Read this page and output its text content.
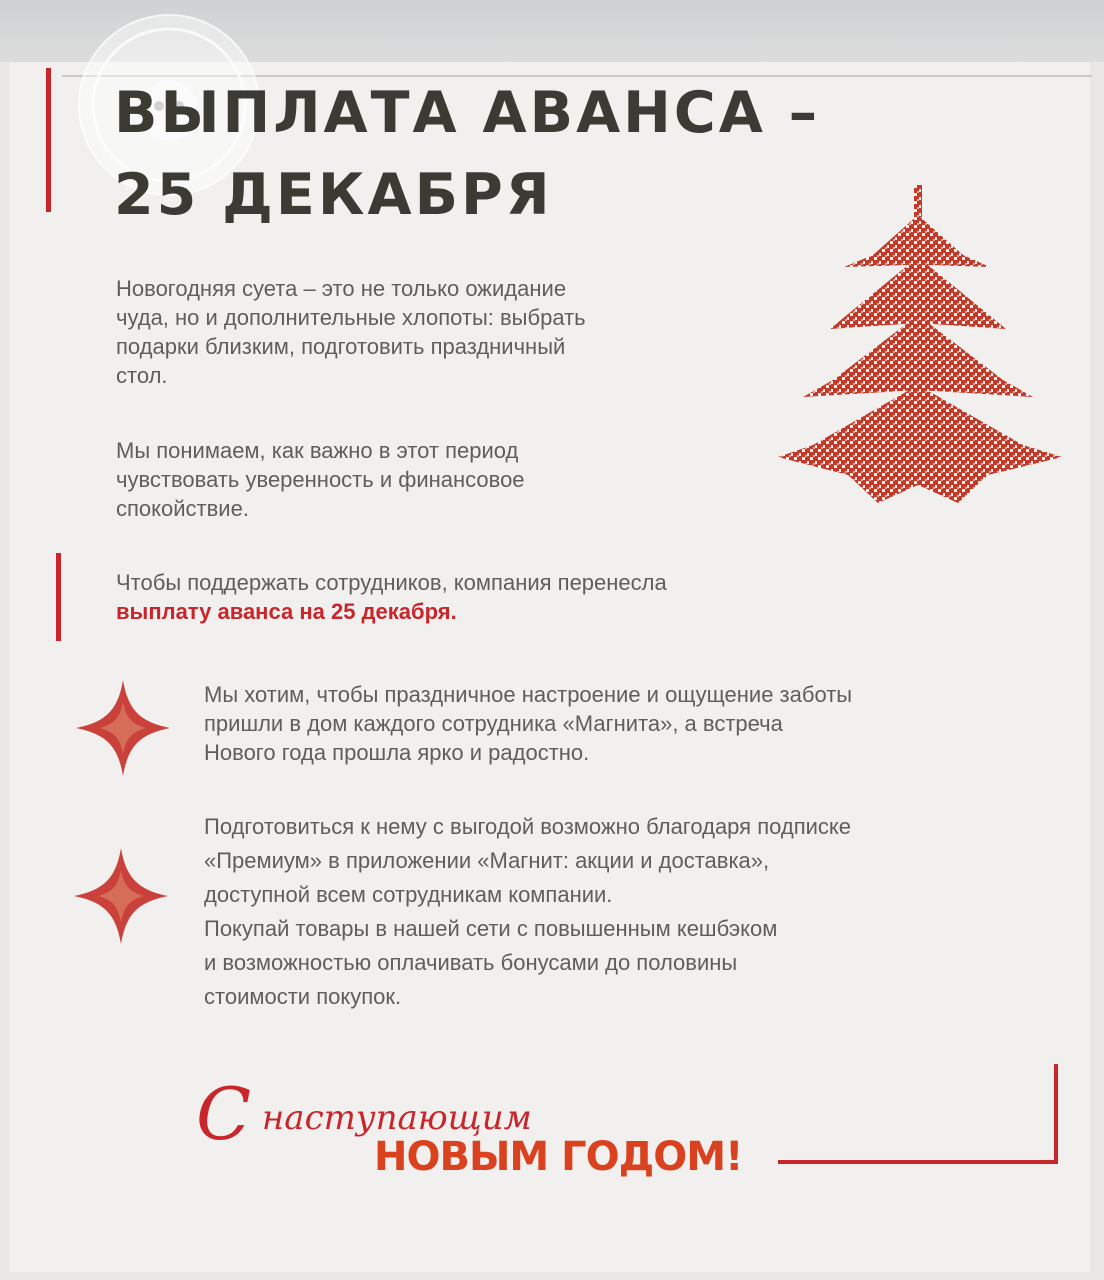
ВЫПЛАТА АВАНСА –
25 ДЕКАБРЯ

Новогодняя суета – это не только ожидание
чуда, но и дополнительные хлопоты: выбрать
подарки близким, подготовить праздничный
стол.

Мы понимаем, как важно в этот период
чувствовать уверенность и финансовое
спокойствие.

Чтобы поддержать сотрудников, компания перенесла
выплату аванса на 25 декабря.

Мы хотим, чтобы праздничное настроение и ощущение заботы
пришли в дом каждого сотрудника «Магнита», а встреча
Нового года прошла ярко и радостно.

Подготовиться к нему с выгодой возможно благодаря подписке
«Премиум» в приложении «Магнит: акции и доставка»,
доступной всем сотрудникам компании.
Покупай товары в нашей сети с повышенным кешбэком
и возможностью оплачивать бонусами до половины
стоимости покупок.

С наступающим
НОВЫМ ГОДОМ!
